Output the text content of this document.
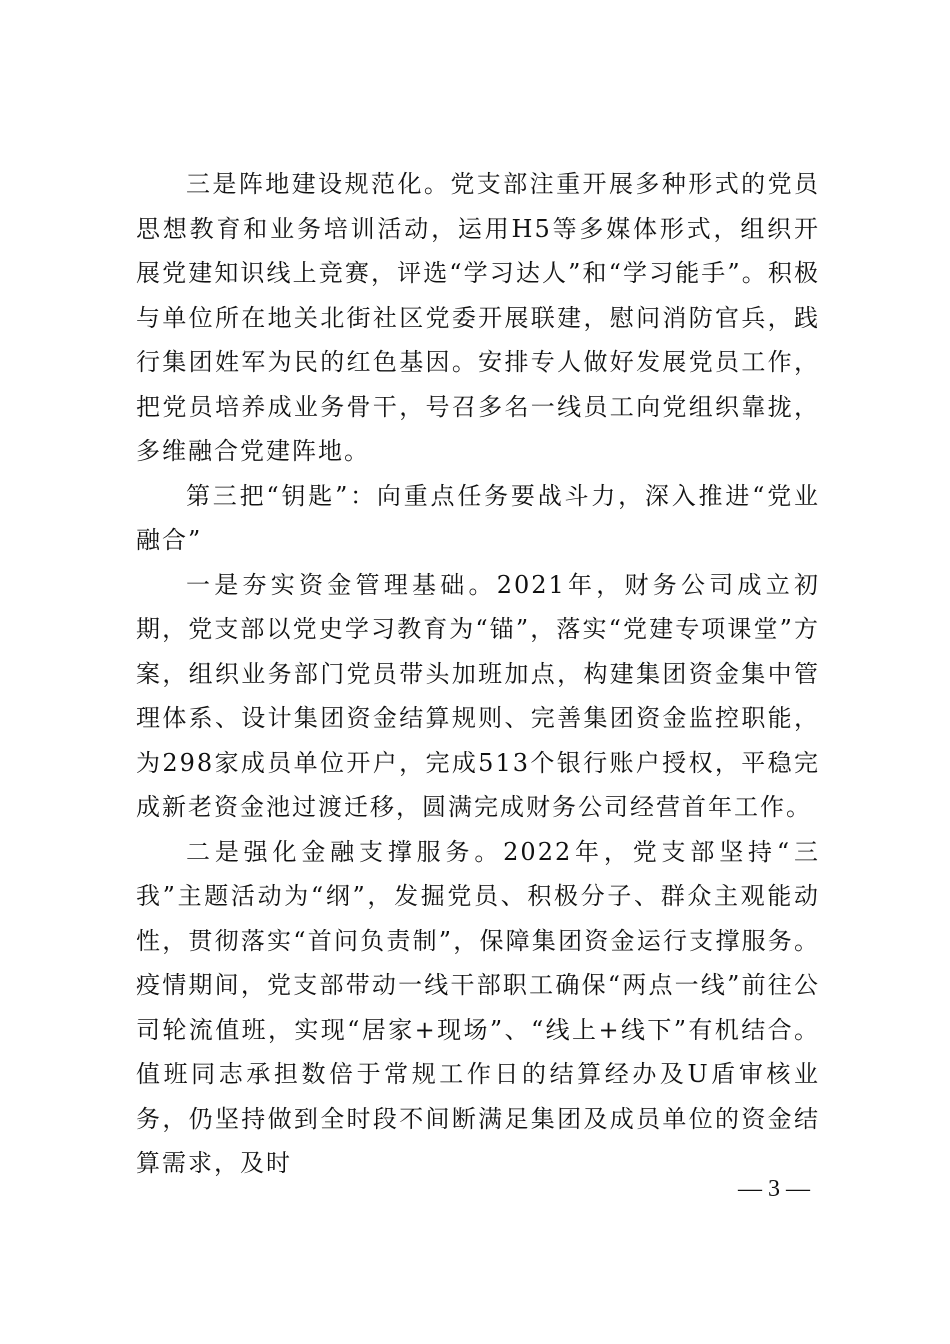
三是阵地建设规范化。党支部注重开展多种形式的党员思想教育和业务培训活动，运用H5等多媒体形式，组织开展党建知识线上竞赛，评选“学习达人”和“学习能手”。积极与单位所在地关北街社区党委开展联建，慰问消防官兵，践行集团姓军为民的红色基因。安排专人做好发展党员工作，把党员培养成业务骨干，号召多名一线员工向党组织靠拢，多维融合党建阵地。

第三把“钥匙”：向重点任务要战斗力，深入推进“党业融合”

一是夯实资金管理基础。2021年，财务公司成立初期，党支部以党史学习教育为“锚”，落实“党建专项课堂”方案，组织业务部门党员带头加班加点，构建集团资金集中管理体系、设计集团资金结算规则、完善集团资金监控职能，为298家成员单位开户，完成513个银行账户授权，平稳完成新老资金池过渡迁移，圆满完成财务公司经营首年工作。

二是强化金融支撑服务。2022年，党支部坚持“三我”主题活动为“纲”，发掘党员、积极分子、群众主观能动性，贯彻落实“首问负责制”，保障集团资金运行支撑服务。疫情期间，党支部带动一线干部职工确保“两点一线”前往公司轮流值班，实现“居家+现场”、“线上+线下”有机结合。值班同志承担数倍于常规工作日的结算经办及U盾审核业务，仍坚持做到全时段不间断满足集团及成员单位的资金结算需求，及时

— 3 —
